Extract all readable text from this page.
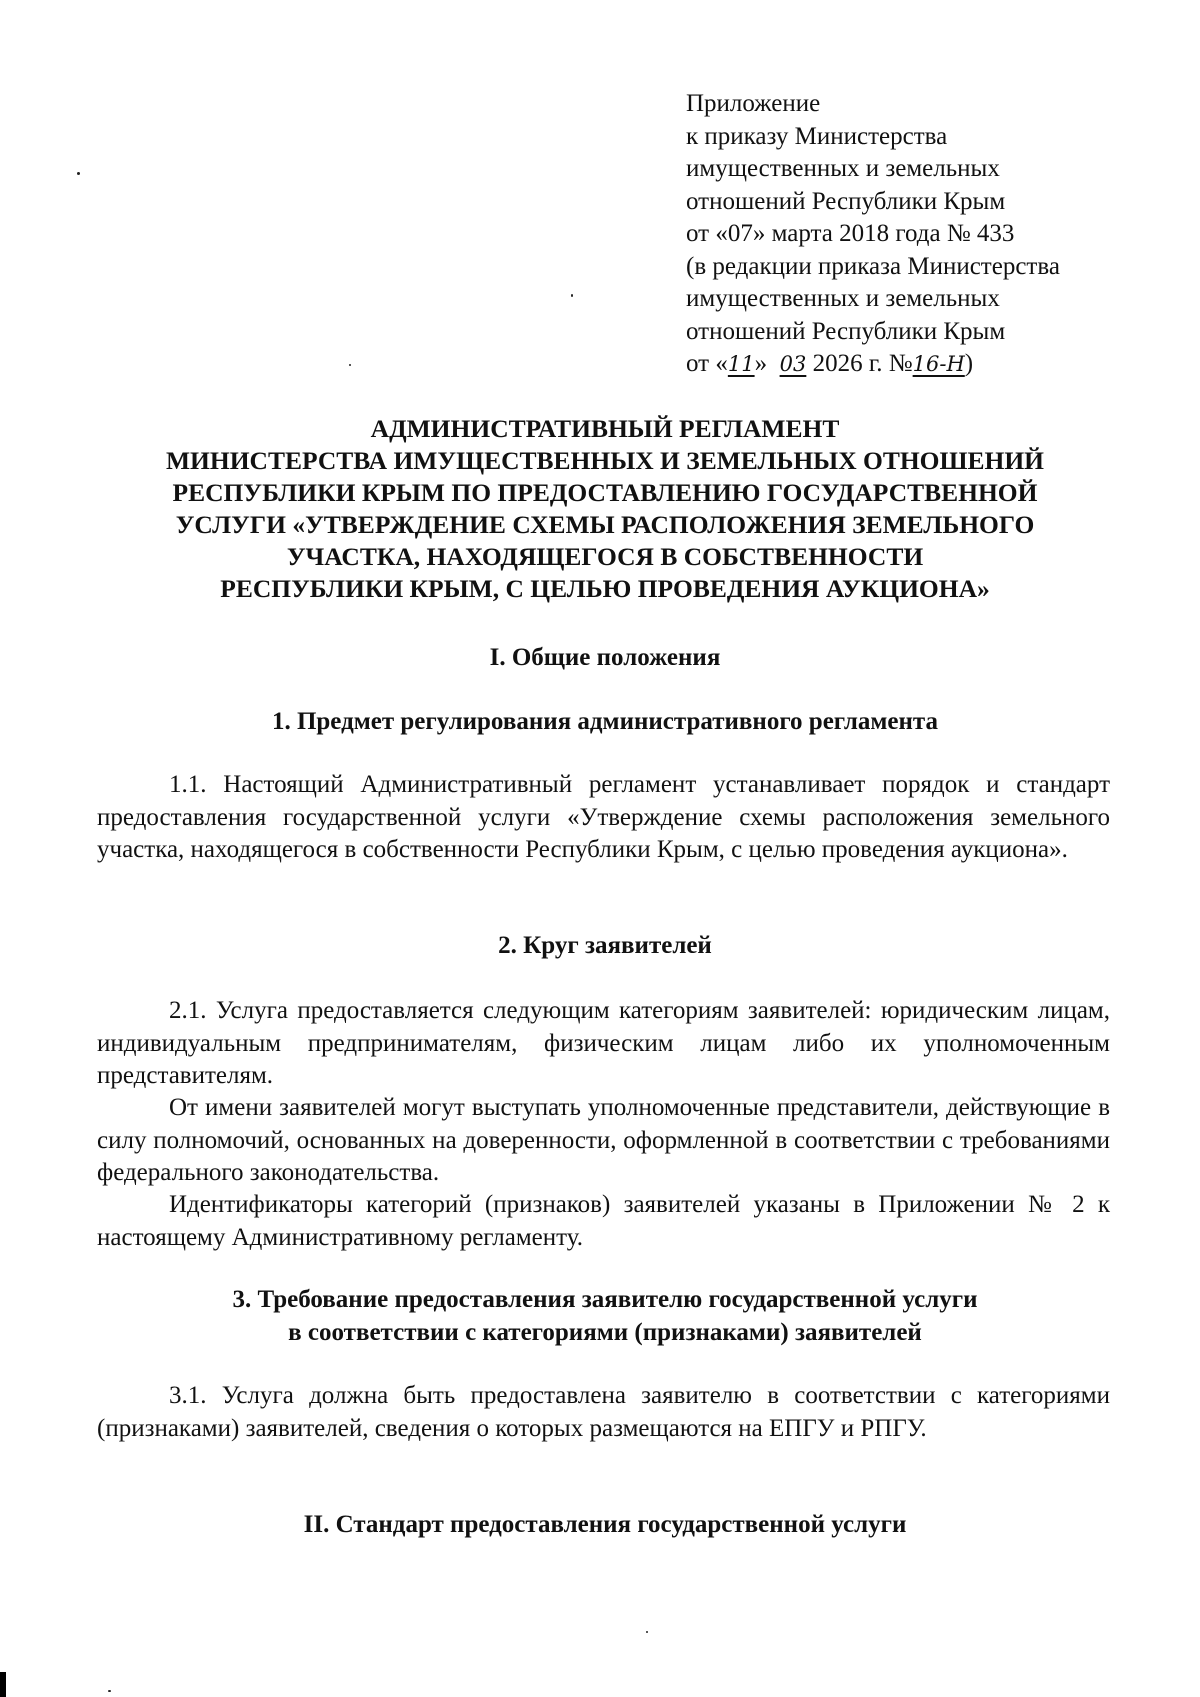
Приложение
к приказу Министерства
имущественных и земельных
отношений Республики Крым
от «07» марта 2018 года № 433
(в редакции приказа Министерства
имущественных и земельных
отношений Республики Крым
от «11» 03 2026 г. №16-Н)
АДМИНИСТРАТИВНЫЙ РЕГЛАМЕНТ
МИНИСТЕРСТВА ИМУЩЕСТВЕННЫХ И ЗЕМЕЛЬНЫХ ОТНОШЕНИЙ
РЕСПУБЛИКИ КРЫМ ПО ПРЕДОСТАВЛЕНИЮ ГОСУДАРСТВЕННОЙ
УСЛУГИ «УТВЕРЖДЕНИЕ СХЕМЫ РАСПОЛОЖЕНИЯ ЗЕМЕЛЬНОГО
УЧАСТКА, НАХОДЯЩЕГОСЯ В СОБСТВЕННОСТИ
РЕСПУБЛИКИ КРЫМ, С ЦЕЛЬЮ ПРОВЕДЕНИЯ АУКЦИОНА»
I. Общие положения
1. Предмет регулирования административного регламента
1.1. Настоящий Административный регламент устанавливает порядок и стандарт предоставления государственной услуги «Утверждение схемы расположения земельного участка, находящегося в собственности Республики Крым, с целью проведения аукциона».
2. Круг заявителей
2.1. Услуга предоставляется следующим категориям заявителей: юридическим лицам, индивидуальным предпринимателям, физическим лицам либо их уполномоченным представителям.
От имени заявителей могут выступать уполномоченные представители, действующие в силу полномочий, основанных на доверенности, оформленной в соответствии с требованиями федерального законодательства.
Идентификаторы категорий (признаков) заявителей указаны в Приложении № 2 к настоящему Административному регламенту.
3. Требование предоставления заявителю государственной услуги
в соответствии с категориями (признаками) заявителей
3.1. Услуга должна быть предоставлена заявителю в соответствии с категориями (признаками) заявителей, сведения о которых размещаются на ЕПГУ и РПГУ.
II. Стандарт предоставления государственной услуги
